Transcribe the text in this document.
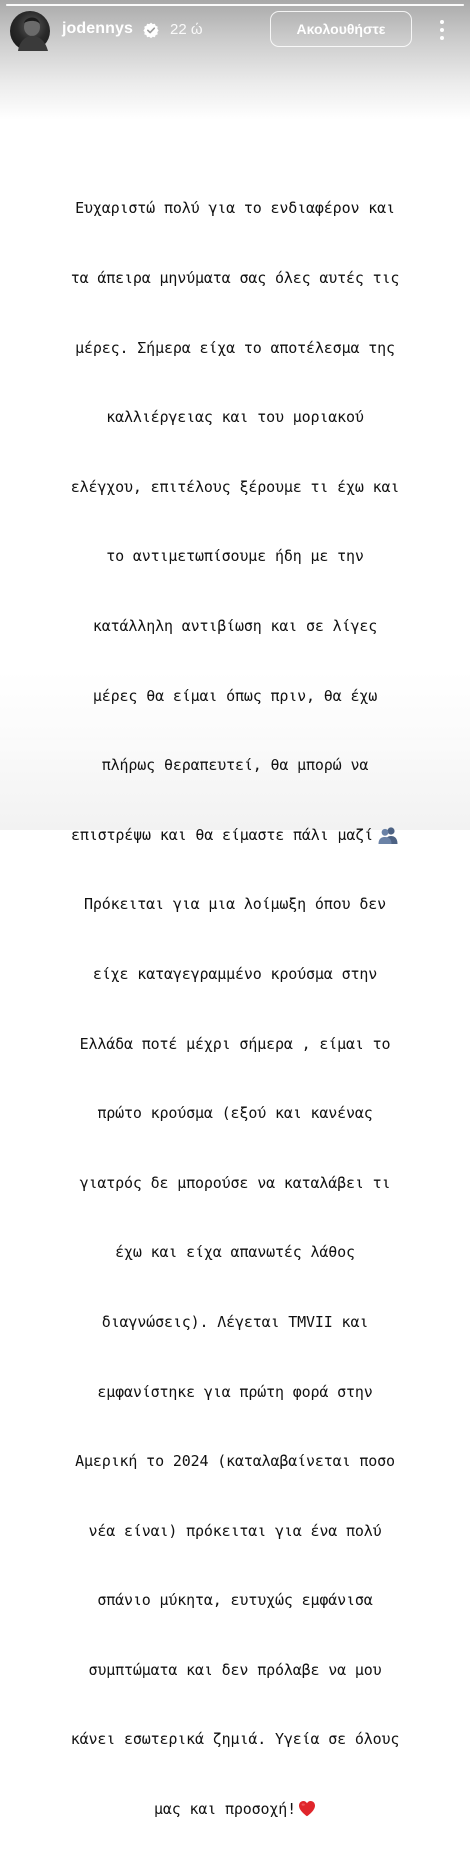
jodennys 22 ώ	Ακολουθήστε

Ευχαριστώ πολύ για το ενδιαφέρον και

τα άπειρα μηνύματα σας όλες αυτές τις

μέρες. Σήμερα είχα το αποτέλεσμα της

καλλιέργειας και του μοριακού

ελέγχου, επιτέλους ξέρουμε τι έχω και

το αντιμετωπίσουμε ήδη με την

κατάλληλη αντιβίωση και σε λίγες

μέρες θα είμαι όπως πριν, θα έχω

πλήρως θεραπευτεί, θα μπορώ να

επιστρέψω και θα είμαστε πάλι μαζί

Πρόκειται για μια λοίμωξη όπου δεν

είχε καταγεγραμμένο κρούσμα στην

Ελλάδα ποτέ μέχρι σήμερα , είμαι το

πρώτο κρούσμα (εξού και κανένας

γιατρός δε μπορούσε να καταλάβει τι

έχω και είχα απανωτές λάθος

διαγνώσεις). Λέγεται TMVII και

εμφανίστηκε για πρώτη φορά στην

Αμερική το 2024 (καταλαβαίνεται ποσο

νέα είναι) πρόκειται για ένα πολύ

σπάνιο μύκητα, ευτυχώς εμφάνισα

συμπτώματα και δεν πρόλαβε να μου

κάνει εσωτερικά ζημιά. Υγεία σε όλους

μας και προσοχή!
